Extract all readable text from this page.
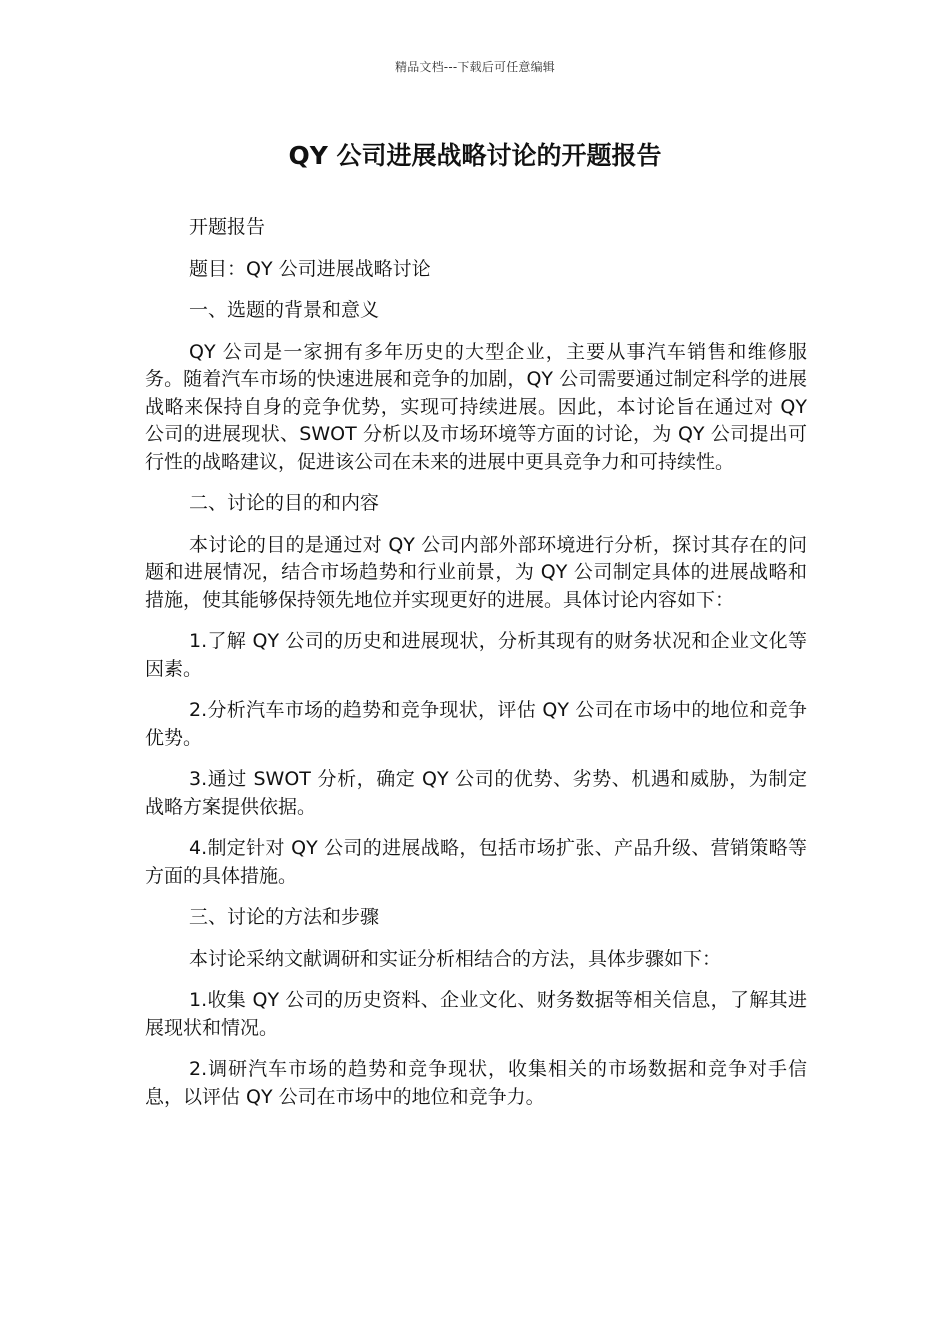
精品文档---下载后可任意编辑
QY 公司进展战略讨论的开题报告

开题报告

题目：QY 公司进展战略讨论

一、选题的背景和意义

QY 公司是一家拥有多年历史的大型企业，主要从事汽车销售和维修服务。随着汽车市场的快速进展和竞争的加剧，QY 公司需要通过制定科学的进展战略来保持自身的竞争优势，实现可持续进展。因此，本讨论旨在通过对 QY 公司的进展现状、SWOT 分析以及市场环境等方面的讨论，为 QY 公司提出可行性的战略建议，促进该公司在未来的进展中更具竞争力和可持续性。

二、讨论的目的和内容

本讨论的目的是通过对 QY 公司内部外部环境进行分析，探讨其存在的问题和进展情况，结合市场趋势和行业前景，为 QY 公司制定具体的进展战略和措施，使其能够保持领先地位并实现更好的进展。具体讨论内容如下：

1.了解 QY 公司的历史和进展现状，分析其现有的财务状况和企业文化等因素。

2.分析汽车市场的趋势和竞争现状，评估 QY 公司在市场中的地位和竞争优势。

3.通过 SWOT 分析，确定 QY 公司的优势、劣势、机遇和威胁，为制定战略方案提供依据。

4.制定针对 QY 公司的进展战略，包括市场扩张、产品升级、营销策略等方面的具体措施。

三、讨论的方法和步骤

本讨论采纳文献调研和实证分析相结合的方法，具体步骤如下：

1.收集 QY 公司的历史资料、企业文化、财务数据等相关信息，了解其进展现状和情况。

2.调研汽车市场的趋势和竞争现状，收集相关的市场数据和竞争对手信息，以评估 QY 公司在市场中的地位和竞争力。
